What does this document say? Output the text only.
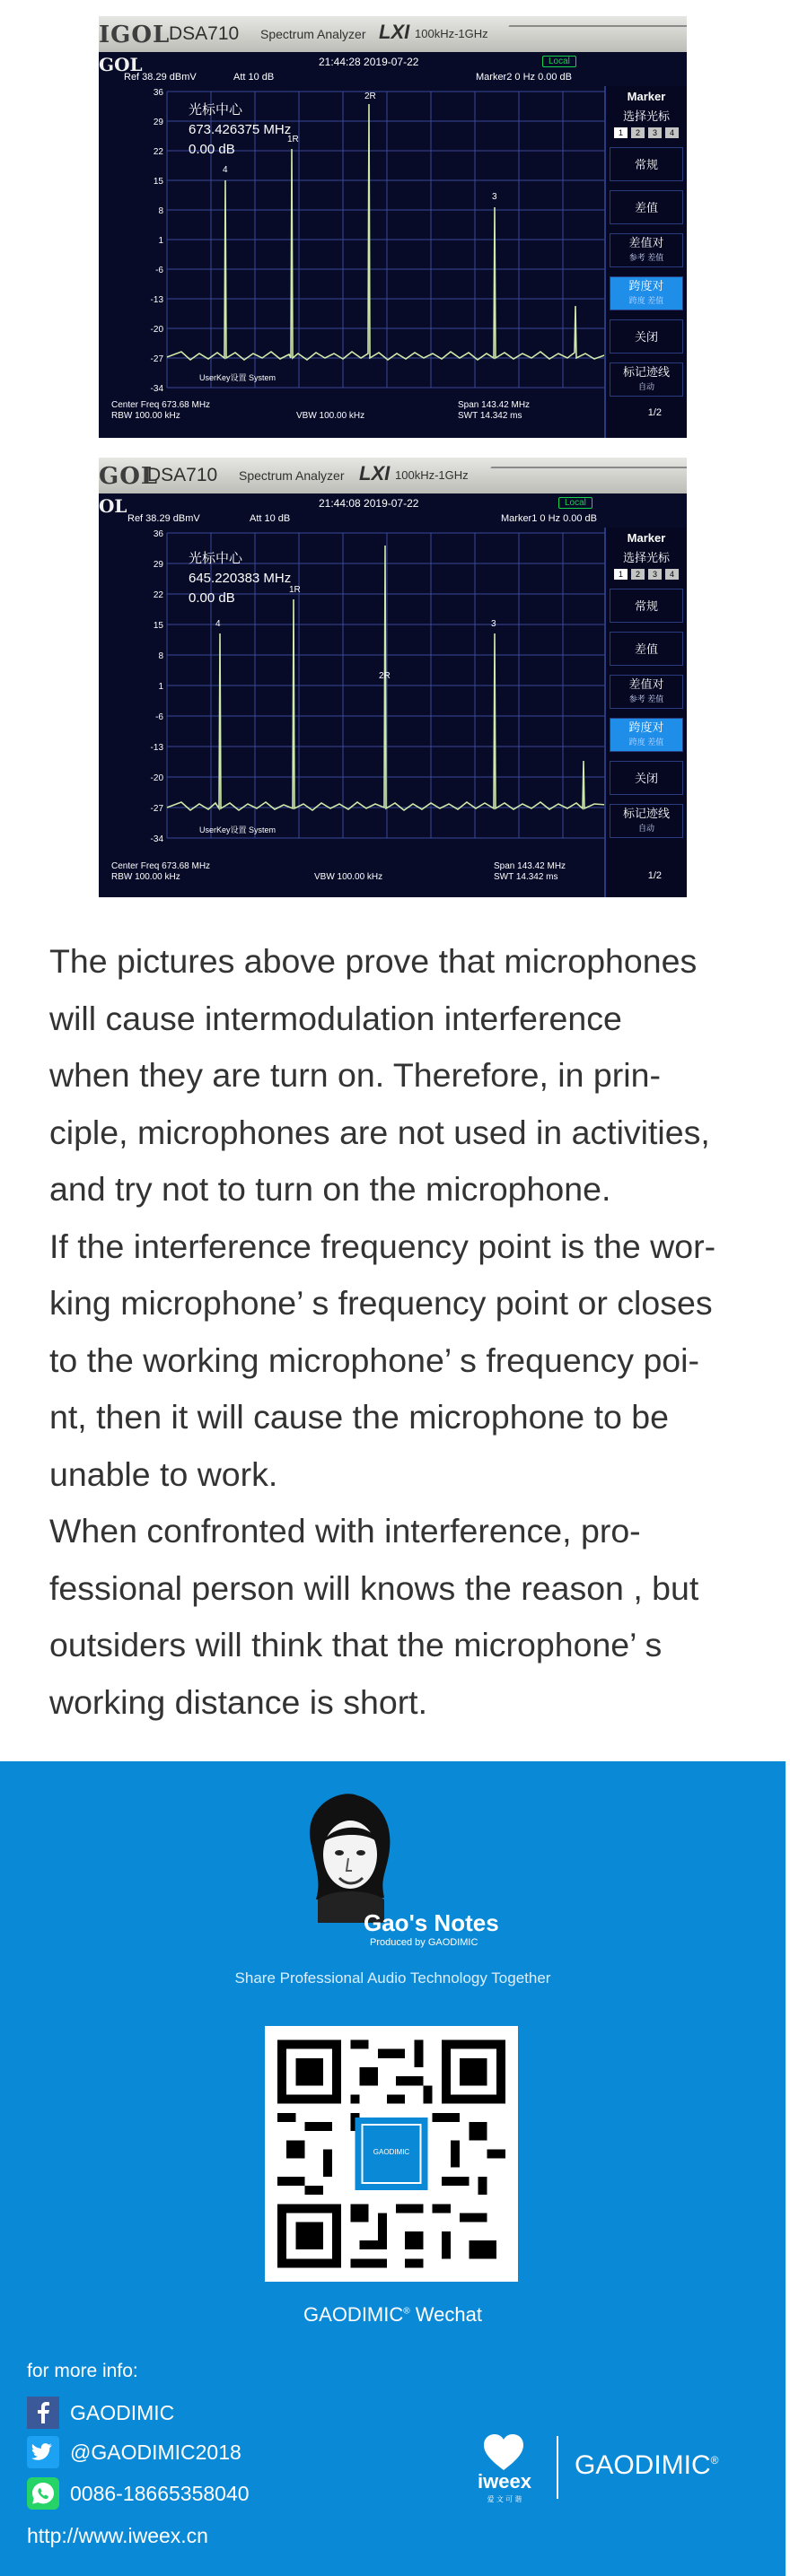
IGOL
DSA710 Spectrum Analyzer LXI 100kHz-1GHz
GOL	21:44:28 2019-07-22	Local
Ref 38.29 dBmV	Att 10 dB	Marker2 0 Hz 0.00 dB
36
29
22
15
8
1
-6
-13
-20
-27
-34
4
1R
2R
3
光标中心
673.426375 MHz
0.00 dB
UserKey设置 System
Marker
选择光标
1	2	3	4
常规
差值
差值对
参考 差值
跨度对
跨度 差值
关闭
标记迹线
自动
Center Freq 673.68 MHz
RBW 100.00 kHz	VBW 100.00 kHz
Span 143.42 MHz
SWT 14.342 ms	1/2
GOL
DSA710 Spectrum Analyzer LXI 100kHz-1GHz
OL	21:44:08 2019-07-22	Local
Ref 38.29 dBmV	Att 10 dB	Marker1 0 Hz 0.00 dB
36
29
22
15
8
1
-6
-13
-20
-27
-34
4
1R
2R
3
光标中心
645.220383 MHz
0.00 dB
UserKey设置 System
Marker
选择光标
1	2	3	4
常规
差值
差值对
参考 差值
跨度对
跨度 差值
关闭
标记迹线
自动
Center Freq 673.68 MHz
RBW 100.00 kHz	VBW 100.00 kHz
Span 143.42 MHz
SWT 14.342 ms	1/2

The pictures above prove that microphones

will cause intermodulation interference

when they are turn on. Therefore, in prin-

ciple, microphones are not used in activities,

and try not to turn on the microphone.

If the interference frequency point is the wor-

king microphone’ s frequency point or closes

to the working microphone’ s frequency poi-

nt, then it will cause the microphone to be

unable to work.

When confronted with interference, pro-

fessional person will knows the reason , but

outsiders will think that the microphone’ s

working distance is short.

Gao's Notes
Produced by GAODIMIC
Share Professional Audio Technology Together
GAODIMIC
GAODIMIC® Wechat
for more info:
GAODIMIC
@GAODIMIC2018
0086-18665358040
http://www.iweex.cn
iweex
爱 文 可 谐
GAODIMIC®
